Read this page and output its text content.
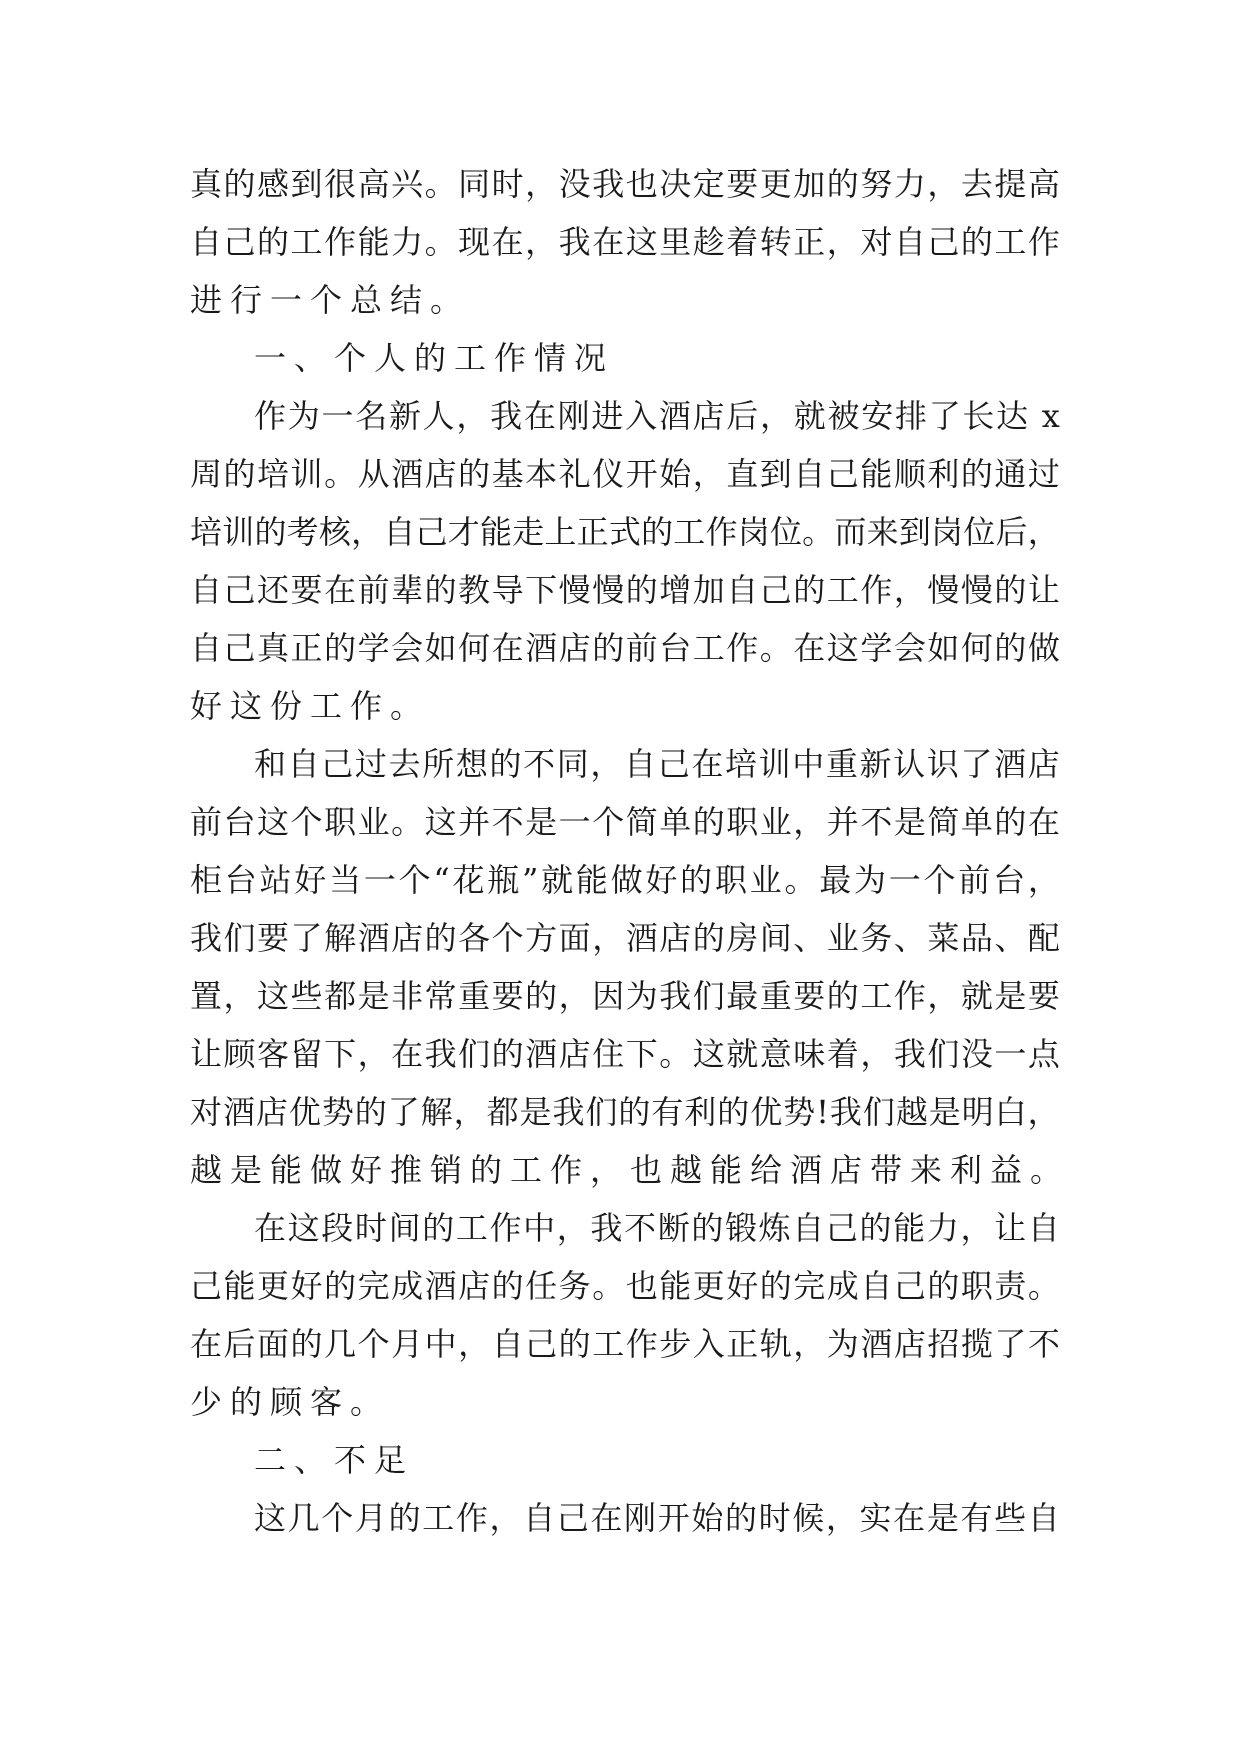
真 的 感 到 很 高 兴 。 同 时 ， 没 我 也 决 定 要 更 加 的 努 力 ， 去 提 高
自 己 的 工 作 能 力 。 现 在 ， 我 在 这 里 趁 着 转 正 ， 对 自 己 的 工 作
进行一个总结。
一、个人的工作情况
作 为 一 名 新 人 ， 我 在 刚 进 入 酒 店 后 ， 就 被 安 排 了 长 达
x
周 的 培 训 。 从 酒 店 的 基 本 礼 仪 开 始 ， 直 到 自 己 能 顺 利 的 通 过
培 训 的 考 核 ， 自 己 才 能 走 上 正 式 的 工 作 岗 位 。 而 来 到 岗 位 后 ，
自 己 还 要 在 前 辈 的 教 导 下 慢 慢 的 增 加 自 己 的 工 作 ， 慢 慢 的 让
自 己 真 正 的 学 会 如 何 在 酒 店 的 前 台 工 作 。 在 这 学 会 如 何 的 做
好这份工作。
和 自 己 过 去 所 想 的 不 同 ， 自 己 在 培 训 中 重 新 认 识 了 酒 店
前 台 这 个 职 业 。 这 并 不 是 一 个 简 单 的 职 业 ， 并 不 是 简 单 的 在
柜 台 站 好 当 一 个 “ 花 瓶 ” 就 能 做 好 的 职 业 。 最 为 一 个 前 台 ，
我 们 要 了 解 酒 店 的 各 个 方 面 ， 酒 店 的 房 间 、 业 务 、 菜 品 、 配
置 ， 这 些 都 是 非 常 重 要 的 ， 因 为 我 们 最 重 要 的 工 作 ， 就 是 要
让 顾 客 留 下 ， 在 我 们 的 酒 店 住 下 。 这 就 意 味 着 ， 我 们 没 一 点
对 酒 店 优 势 的 了 解 ， 都 是 我 们 的 有 利 的 优 势 ! 我 们 越 是 明 白 ，
越是能做好推销的工作，也越能给酒店带来利益。
在 这 段 时 间 的 工 作 中 ， 我 不 断 的 锻 炼 自 己 的 能 力 ， 让 自
己 能 更 好 的 完 成 酒 店 的 任 务 。 也 能 更 好 的 完 成 自 己 的 职 责 。
在 后 面 的 几 个 月 中 ， 自 己 的 工 作 步 入 正 轨 ， 为 酒 店 招 揽 了 不
少的顾客。
二、不足
这 几 个 月 的 工 作 ， 自 己 在 刚 开 始 的 时 候 ， 实 在 是 有 些 自
